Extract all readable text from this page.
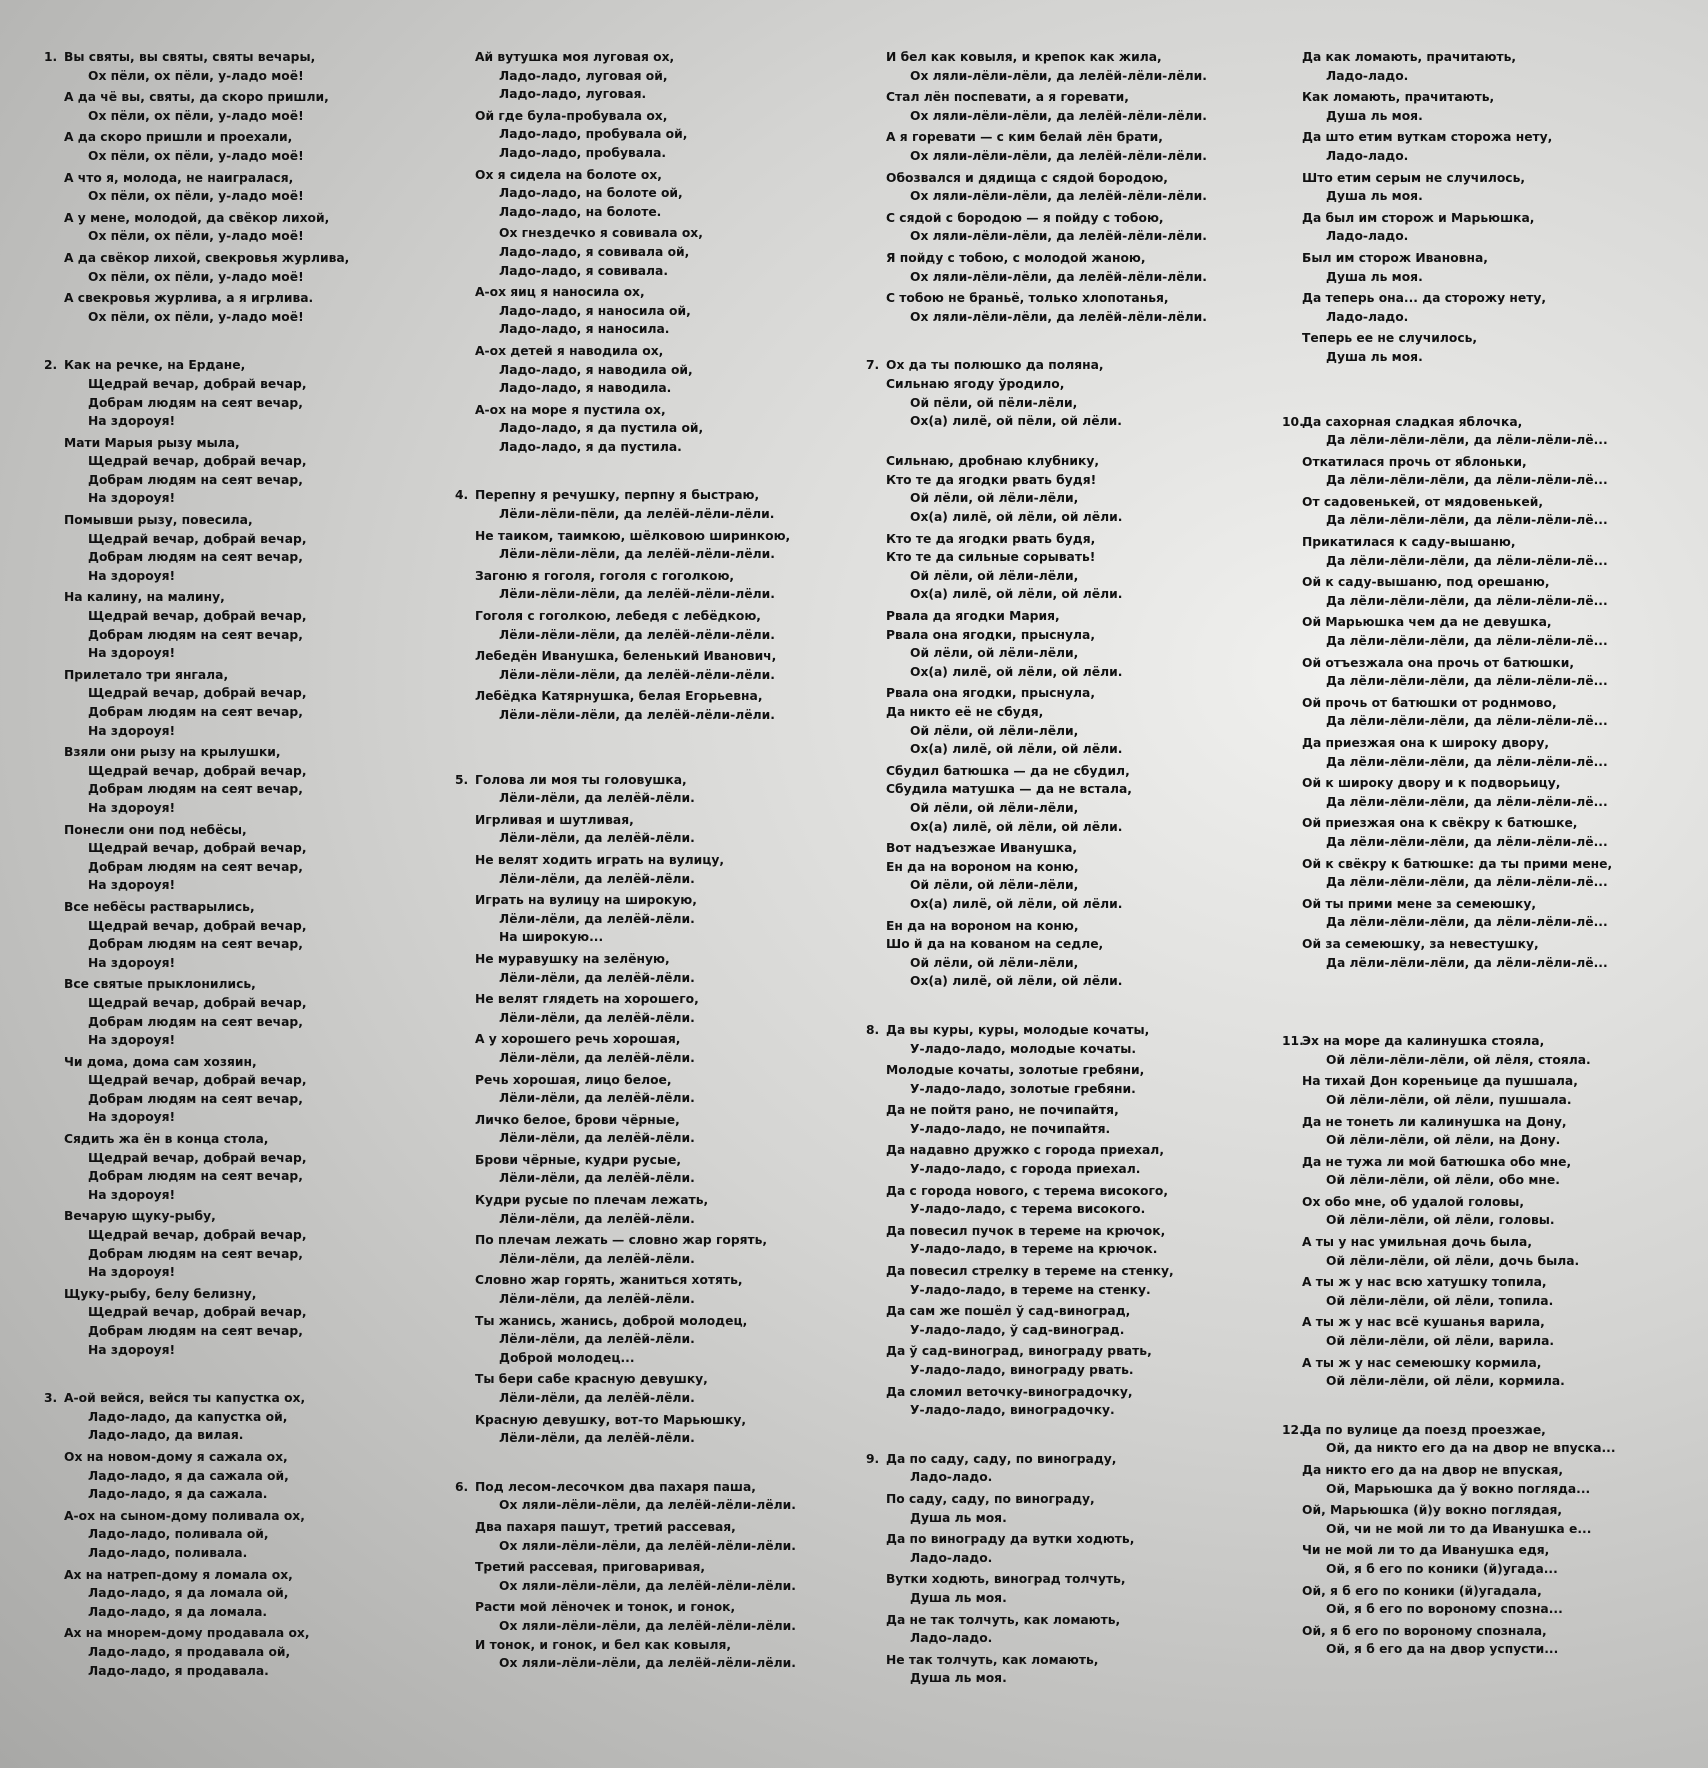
1. Вы святы, вы святы, святы вечары,
Ох пёли, ох пёли, у-ладо моё!
А да чё вы, святы, да скоро пришли,
Ох пёли, ох пёли, у-ладо моё!
А да скоро пришли и проехали,
Ох пёли, ох пёли, у-ладо моё!
А что я, молода, не наигралася,
Ох пёли, ох пёли, у-ладо моё!
А у мене, молодой, да свёкор лихой,
Ох пёли, ох пёли, у-ладо моё!
А да свёкор лихой, свекровья журлива,
Ох пёли, ох пёли, у-ладо моё!
А свекровья журлива, а я игрлива.
Ох пёли, ох пёли, у-ладо моё!
2. Как на речке, на Ердане,
Щедрай вечар, добрай вечар,
Добрам людям на сеят вечар,
На здороуя!
Мати Марыя рызу мыла,
Щедрай вечар, добрай вечар,
Добрам людям на сеят вечар,
На здороуя!
Помывши рызу, повесила,
Щедрай вечар, добрай вечар,
Добрам людям на сеят вечар,
На здороуя!
На калину, на малину,
Щедрай вечар, добрай вечар,
Добрам людям на сеят вечар,
На здороуя!
Прилетало три янгала,
Щедрай вечар, добрай вечар,
Добрам людям на сеят вечар,
На здороуя!
Взяли они рызу на крылушки,
Щедрай вечар, добрай вечар,
Добрам людям на сеят вечар,
На здороуя!
Понесли они под небёсы,
Щедрай вечар, добрай вечар,
Добрам людям на сеят вечар,
На здороуя!
Все небёсы растварылись,
Щедрай вечар, добрай вечар,
Добрам людям на сеят вечар,
На здороуя!
Все святые прыклонились,
Щедрай вечар, добрай вечар,
Добрам людям на сеят вечар,
На здороуя!
Чи дома, дома сам хозяин,
Щедрай вечар, добрай вечар,
Добрам людям на сеят вечар,
На здороуя!
Сядить жа ён в конца стола,
Щедрай вечар, добрай вечар,
Добрам людям на сеят вечар,
На здороуя!
Вечарую щуку-рыбу,
Щедрай вечар, добрай вечар,
Добрам людям на сеят вечар,
На здороуя!
Щуку-рыбу, белу белизну,
Щедрай вечар, добрай вечар,
Добрам людям на сеят вечар,
На здороуя!
3. А-ой вейся, вейся ты капустка ох,
Ладо-ладо, да капустка ой,
Ладо-ладо, да вилая.
Ох на новом-дому я сажала ох,
Ладо-ладо, я да сажала ой,
Ладо-ладо, я да сажала.
А-ох на сыном-дому поливала ох,
Ладо-ладо, поливала ой,
Ладо-ладо, поливала.
Ах на натреп-дому я ломала ох,
Ладо-ладо, я да ломала ой,
Ладо-ладо, я да ломала.
Ах на мнорем-дому продавала ох,
Ладо-ладо, я продавала ой,
Ладо-ладо, я продавала.
Ай вутушка моя луговая ох,
Ладо-ладо, луговая ой,
Ладо-ладо, луговая.
Ой где була-пробувала ох,
Ладо-ладо, пробувала ой,
Ладо-ладо, пробувала.
Ох я сидела на болоте ох,
Ладо-ладо, на болоте ой,
Ладо-ладо, на болоте.
Ох гнездечко я совивала ох,
Ладо-ладо, я совивала ой,
Ладо-ладо, я совивала.
А-ох яиц я наносила ох,
Ладо-ладо, я наносила ой,
Ладо-ладо, я наносила.
А-ох детей я наводила ох,
Ладо-ладо, я наводила ой,
Ладо-ладо, я наводила.
А-ох на море я пустила ох,
Ладо-ладо, я да пустила ой,
Ладо-ладо, я да пустила.
4. Перепну я речушку, перпну я быстраю,
Лёли-лёли-пёли, да лелёй-лёли-лёли.
Не таиком, таимкою, шёлковою ширинкою,
Лёли-лёли-лёли, да лелёй-лёли-лёли.
Загоню я гоголя, гоголя с гоголкою,
Лёли-лёли-лёли, да лелёй-лёли-лёли.
Гоголя с гоголкою, лебедя с лебёдкою,
Лёли-лёли-лёли, да лелёй-лёли-лёли.
Лебедён Иванушка, беленький Иванович,
Лёли-лёли-лёли, да лелёй-лёли-лёли.
Лебёдка Катярнушка, белая Егорьевна,
Лёли-лёли-лёли, да лелёй-лёли-лёли.
5. Голова ли моя ты головушка,
Лёли-лёли, да лелёй-лёли.
Игрливая и шутливая,
Лёли-лёли, да лелёй-лёли.
Не велят ходить играть на вулицу,
Лёли-лёли, да лелёй-лёли.
Играть на вулицу на широкую,
Лёли-лёли, да лелёй-лёли.
На широкую...
Не муравушку на зелёную,
Лёли-лёли, да лелёй-лёли.
Не велят глядеть на хорошего,
Лёли-лёли, да лелёй-лёли.
А у хорошего речь хорошая,
Лёли-лёли, да лелёй-лёли.
Речь хорошая, лицо белое,
Лёли-лёли, да лелёй-лёли.
Личко белое, брови чёрные,
Лёли-лёли, да лелёй-лёли.
Брови чёрные, кудри русые,
Лёли-лёли, да лелёй-лёли.
Кудри русые по плечам лежать,
Лёли-лёли, да лелёй-лёли.
По плечам лежать — словно жар горять,
Лёли-лёли, да лелёй-лёли.
Словно жар горять, жаниться хотять,
Лёли-лёли, да лелёй-лёли.
Ты жанись, жанись, доброй молодец,
Лёли-лёли, да лелёй-лёли.
Доброй молодец...
Ты бери сабе красную девушку,
Лёли-лёли, да лелёй-лёли.
Красную девушку, вот-то Марьюшку,
Лёли-лёли, да лелёй-лёли.
6. Под лесом-лесочком два пахаря паша,
Ох ляли-лёли-лёли, да лелёй-лёли-лёли.
Два пахаря пашут, третий рассевая,
Ох ляли-лёли-лёли, да лелёй-лёли-лёли.
Третий рассевая, приговаривая,
Ох ляли-лёли-лёли, да лелёй-лёли-лёли.
Расти мой лёночек и тонок, и гонок,
Ох ляли-лёли-лёли, да лелёй-лёли-лёли.
И тонок, и гонок, и бел как ковыля,
Ох ляли-лёли-лёли, да лелёй-лёли-лёли.
И бел как ковыля, и крепок как жила,
Ох ляли-лёли-лёли, да лелёй-лёли-лёли.
Стал лён поспевати, а я горевати,
Ох ляли-лёли-лёли, да лелёй-лёли-лёли.
А я горевати — с ким белай лён брати,
Ох ляли-лёли-лёли, да лелёй-лёли-лёли.
Обозвался и дядища с сядой бородою,
Ох ляли-лёли-лёли, да лелёй-лёли-лёли.
С сядой с бородою — я пойду с тобою,
Ох ляли-лёли-лёли, да лелёй-лёли-лёли.
Я пойду с тобою, с молодой жаною,
Ох ляли-лёли-лёли, да лелёй-лёли-лёли.
С тобою не браньё, только хлопотанья,
Ох ляли-лёли-лёли, да лелёй-лёли-лёли.
7. Ох да ты полюшко да поляна,
Сильнаю ягоду ўродило,
Ой пёли, ой пёли-лёли,
Ох(а) лилё, ой пёли, ой лёли.

Сильнаю, дробнаю клубнику,
Кто те да ягодки рвать будя!
Ой лёли, ой лёли-лёли,
Ох(а) лилё, ой лёли, ой лёли.
Кто те да ягодки рвать будя,
Кто те да сильные сорывать!
Ой лёли, ой лёли-лёли,
Ох(а) лилё, ой лёли, ой лёли.
Рвала да ягодки Мария,
Рвала она ягодки, прыснула,
Ой лёли, ой лёли-лёли,
Ох(а) лилё, ой лёли, ой лёли.
Рвала она ягодки, прыснула,
Да никто её не сбудя,
Ой лёли, ой лёли-лёли,
Ох(а) лилё, ой лёли, ой лёли.
Сбудил батюшка — да не сбудил,
Сбудила матушка — да не встала,
Ой лёли, ой лёли-лёли,
Ох(а) лилё, ой лёли, ой лёли.
Вот надъезжае Иванушка,
Ен да на вороном на коню,
Ой лёли, ой лёли-лёли,
Ох(а) лилё, ой лёли, ой лёли.
Ен да на вороном на коню,
Шо й да на кованом на седле,
Ой лёли, ой лёли-лёли,
Ох(а) лилё, ой лёли, ой лёли.
8. Да вы куры, куры, молодые кочаты,
У-ладо-ладо, молодые кочаты.
Молодые кочаты, золотые гребяни,
У-ладо-ладо, золотые гребяни.
Да не пойтя рано, не почипайтя,
У-ладо-ладо, не почипайтя.
Да надавно дружко с города приехал,
У-ладо-ладо, с города приехал.
Да с города нового, с терема високого,
У-ладо-ладо, с терема високого.
Да повесил пучок в тереме на крючок,
У-ладо-ладо, в тереме на крючок.
Да повесил стрелку в тереме на стенку,
У-ладо-ладо, в тереме на стенку.
Да сам же пошёл ў сад-виноград,
У-ладо-ладо, ў сад-виноград.
Да ў сад-виноград, винограду рвать,
У-ладо-ладо, винограду рвать.
Да сломил веточку-виноградочку,
У-ладо-ладо, виноградочку.
9. Да по саду, саду, по винограду,
Ладо-ладо.
По саду, саду, по винограду,
Душа ль моя.
Да по винограду да вутки ходють,
Ладо-ладо.
Вутки ходють, виноград толчуть,
Душа ль моя.
Да не так толчуть, как ломають,
Ладо-ладо.
Не так толчуть, как ломають,
Душа ль моя.
Да как ломають, прачитають,
Ладо-ладо.
Как ломають, прачитають,
Душа ль моя.
Да што етим вуткам сторожа нету,
Ладо-ладо.
Што етим серым не случилось,
Душа ль моя.
Да был им сторож и Марьюшка,
Ладо-ладо.
Был им сторож Ивановна,
Душа ль моя.
Да теперь она... да сторожу нету,
Ладо-ладо.
Теперь ее не случилось,
Душа ль моя.
10.
Да сахорная сладкая яблочка,
Да лёли-лёли-лёли, да лёли-лёли-лё...
Откатилася прочь от яблоньки,
Да лёли-лёли-лёли, да лёли-лёли-лё...
От садовенькей, от мядовенькей,
Да лёли-лёли-лёли, да лёли-лёли-лё...
Прикатилася к саду-вышаню,
Да лёли-лёли-лёли, да лёли-лёли-лё...
Ой к саду-вышаню, под орешаню,
Да лёли-лёли-лёли, да лёли-лёли-лё...
Ой Марьюшка чем да не девушка,
Да лёли-лёли-лёли, да лёли-лёли-лё...
Ой отъезжала она прочь от батюшки,
Да лёли-лёли-лёли, да лёли-лёли-лё...
Ой прочь от батюшки от роднмово,
Да лёли-лёли-лёли, да лёли-лёли-лё...
Да приезжая она к широку двору,
Да лёли-лёли-лёли, да лёли-лёли-лё...
Ой к широку двору и к подворьицу,
Да лёли-лёли-лёли, да лёли-лёли-лё...
Ой приезжая она к свёкру к батюшке,
Да лёли-лёли-лёли, да лёли-лёли-лё...
Ой к свёкру к батюшке: да ты прими мене,
Да лёли-лёли-лёли, да лёли-лёли-лё...
Ой ты прими мене за семеюшку,
Да лёли-лёли-лёли, да лёли-лёли-лё...
Ой за семеюшку, за невестушку,
Да лёли-лёли-лёли, да лёли-лёли-лё...
11.
Эх на море да калинушка стояла,
Ой лёли-лёли-лёли, ой лёля, стояла.
На тихай Дон кореньице да пушшала,
Ой лёли-лёли, ой лёли, пушшала.
Да не тонеть ли калинушка на Дону,
Ой лёли-лёли, ой лёли, на Дону.
Да не тужа ли мой батюшка обо мне,
Ой лёли-лёли, ой лёли, обо мне.
Ох обо мне, об удалой головы,
Ой лёли-лёли, ой лёли, головы.
А ты у нас умильная дочь была,
Ой лёли-лёли, ой лёли, дочь была.
А ты ж у нас всю хатушку топила,
Ой лёли-лёли, ой лёли, топила.
А ты ж у нас всё кушанья варила,
Ой лёли-лёли, ой лёли, варила.
А ты ж у нас семеюшку кормила,
Ой лёли-лёли, ой лёли, кормила.
12.
Да по вулице да поезд проезжае,
Ой, да никто его да на двор не впуска...
Да никто его да на двор не впуская,
Ой, Марьюшка да ў вокно погляда...
Ой, Марьюшка (й)у вокно поглядая,
Ой, чи не мой ли то да Иванушка е...
Чи не мой ли то да Иванушка едя,
Ой, я б его по коники (й)угада...
Ой, я б его по коники (й)угадала,
Ой, я б его по вороному спозна...
Ой, я б его по вороному спознала,
Ой, я б его да на двор успусти...
